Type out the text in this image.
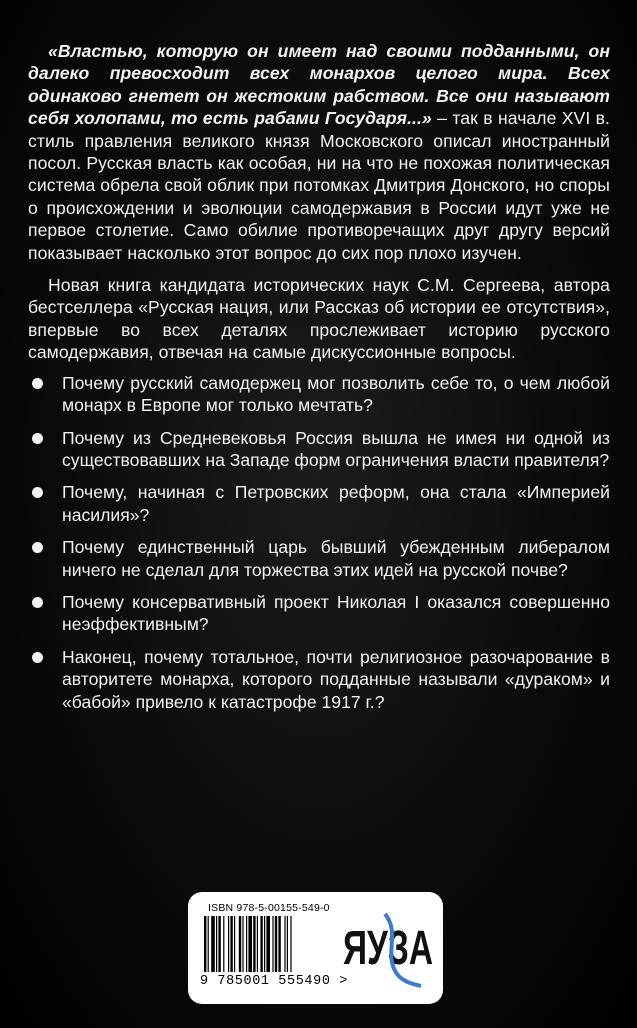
«Властью, которую он имеет над своими подданными, он далеко превосходит всех монархов целого мира. Всех одинаково гнетет он жестоким рабством. Все они называют себя холопами, то есть рабами Государя...» – так в начале XVI в. стиль правления великого князя Московского описал иностранный посол. Русская власть как особая, ни на что не похожая политическая система обрела свой облик при потомках Дмитрия Донского, но споры о происхождении и эволюции самодержавия в России идут уже не первое столетие. Само обилие противоречащих друг другу версий показывает насколько этот вопрос до сих пор плохо изучен.

Новая книга кандидата исторических наук С.М. Сергеева, автора бестселлера «Русская нация, или Рассказ об истории ее отсутствия», впервые во всех деталях прослеживает историю русского самодержавия, отвечая на самые дискуссионные вопросы.

Почему русский самодержец мог позволить себе то, о чем любой монарх в Европе мог только мечтать?
Почему из Средневековья Россия вышла не имея ни одной из существовавших на Западе форм ограничения власти правителя?
Почему, начиная с Петровских реформ, она стала «Империей насилия»?
Почему единственный царь бывший убежденным либералом ничего не сделал для торжества этих идей на русской почве?
Почему консервативный проект Николая I оказался совершенно неэффективным?
Наконец, почему тотальное, почти религиозное разочарование в авторитете монарха, которого подданные называли «дураком» и «бабой» привело к катастрофе 1917 г.?
ISBN 978-5-00155-549-0
9 785001 555490 >
ЯУЗА
